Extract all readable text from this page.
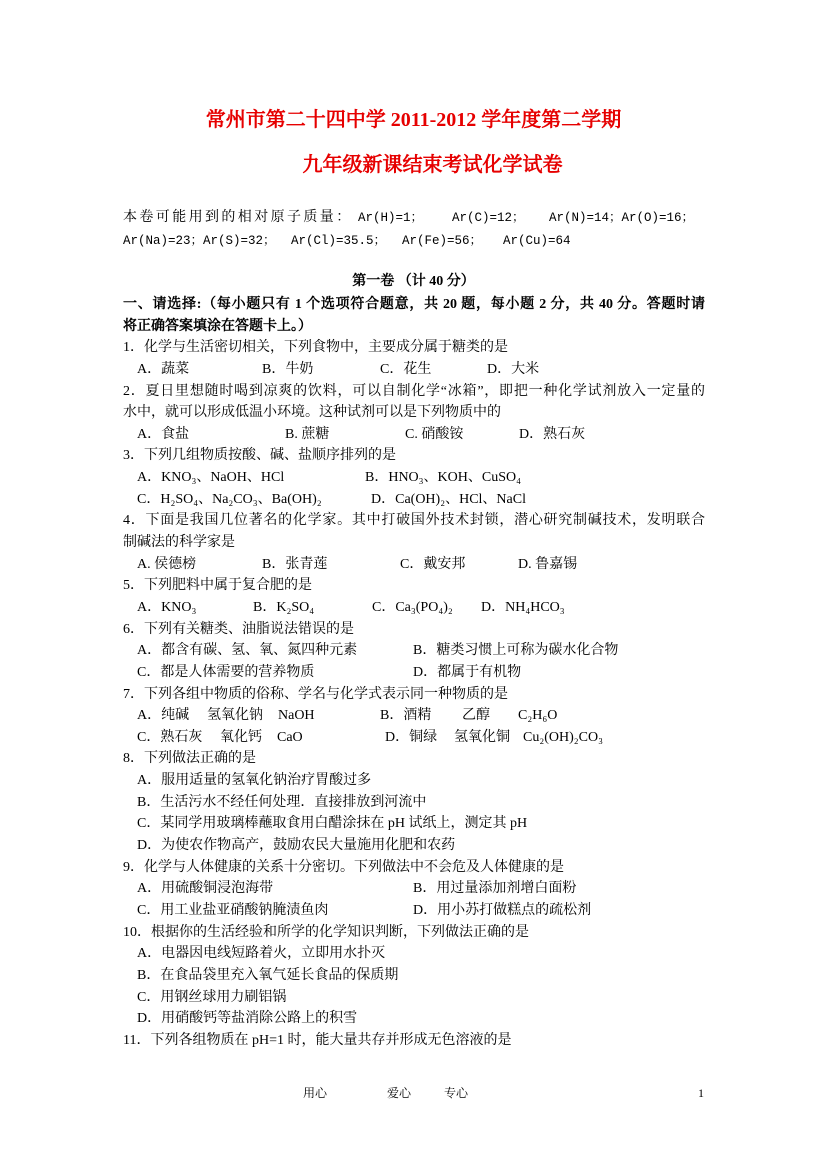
常州市第二十四中学 2011-2012 学年度第二学期
九年级新课结束考试化学试卷
本卷可能用到的相对原子质量： Ar(H)=1； Ar(C)=12； Ar(N)=14；Ar(O)=16；
Ar(Na)=23；Ar(S)=32； Ar(Cl)=35.5； Ar(Fe)=56； Ar(Cu)=64
第一卷 （计 40 分）
一、请选择:（每小题只有 1 个选项符合题意，共 20 题，每小题 2 分，共 40 分。答题时请
将正确答案填涂在答题卡上。）
1．化学与生活密切相关，下列食物中，主要成分属于糖类的是
A．蔬菜	B．牛奶	C．花生	D．大米
2．夏日里想随时喝到凉爽的饮料，可以自制化学“冰箱”，即把一种化学试剂放入一定量的
水中，就可以形成低温小环境。这种试剂可以是下列物质中的
A．食盐	B. 蔗糖	C. 硝酸铵	D．熟石灰
3．下列几组物质按酸、碱、盐顺序排列的是
A．KNO₃、NaOH、HCl	B．HNO₃、KOH、CuSO₄
C．H₂SO₄、Na₂CO₃、Ba(OH)₂	D．Ca(OH)₂、HCl、NaCl
4．下面是我国几位著名的化学家。其中打破国外技术封锁，潜心研究制碱技术，发明联合
制碱法的科学家是
A. 侯德榜	B．张青莲	C．戴安邦	D. 鲁嘉锡
5．下列肥料中属于复合肥的是
A．KNO₃	B．K₂SO₄	C．Ca₃(PO₄)₂ D．NH₄HCO₃
6．下列有关糖类、油脂说法错误的是
A．都含有碳、氢、氧、氮四种元素	B．糖类习惯上可称为碳水化合物
C．都是人体需要的营养物质	D．都属于有机物
7．下列各组中物质的俗称、学名与化学式表示同一种物质的是
A．纯碱 氢氧化钠 NaOH	B．酒精 乙醇 C₂H₆O
C．熟石灰 氧化钙 CaO	D．铜绿 氢氧化铜 Cu₂(OH)₂CO₃
8．下列做法正确的是
A．服用适量的氢氧化钠治疗胃酸过多
B．生活污水不经任何处理．直接排放到河流中
C．某同学用玻璃棒蘸取食用白醋涂抹在 pH 试纸上，测定其 pH
D．为使农作物高产，鼓励农民大量施用化肥和农药
9．化学与人体健康的关系十分密切。下列做法中不会危及人体健康的是
A．用硫酸铜浸泡海带	B．用过量添加剂增白面粉
C．用工业盐亚硝酸钠腌渍鱼肉	D．用小苏打做糕点的疏松剂
10．根据你的生活经验和所学的化学知识判断，下列做法正确的是
A．电器因电线短路着火，立即用水扑灭
B．在食品袋里充入氧气延长食品的保质期
C．用钢丝球用力刷铝锅
D．用硝酸钙等盐消除公路上的积雪
11．下列各组物质在 pH=1 时，能大量共存并形成无色溶液的是
用心	爱心	专心	1
